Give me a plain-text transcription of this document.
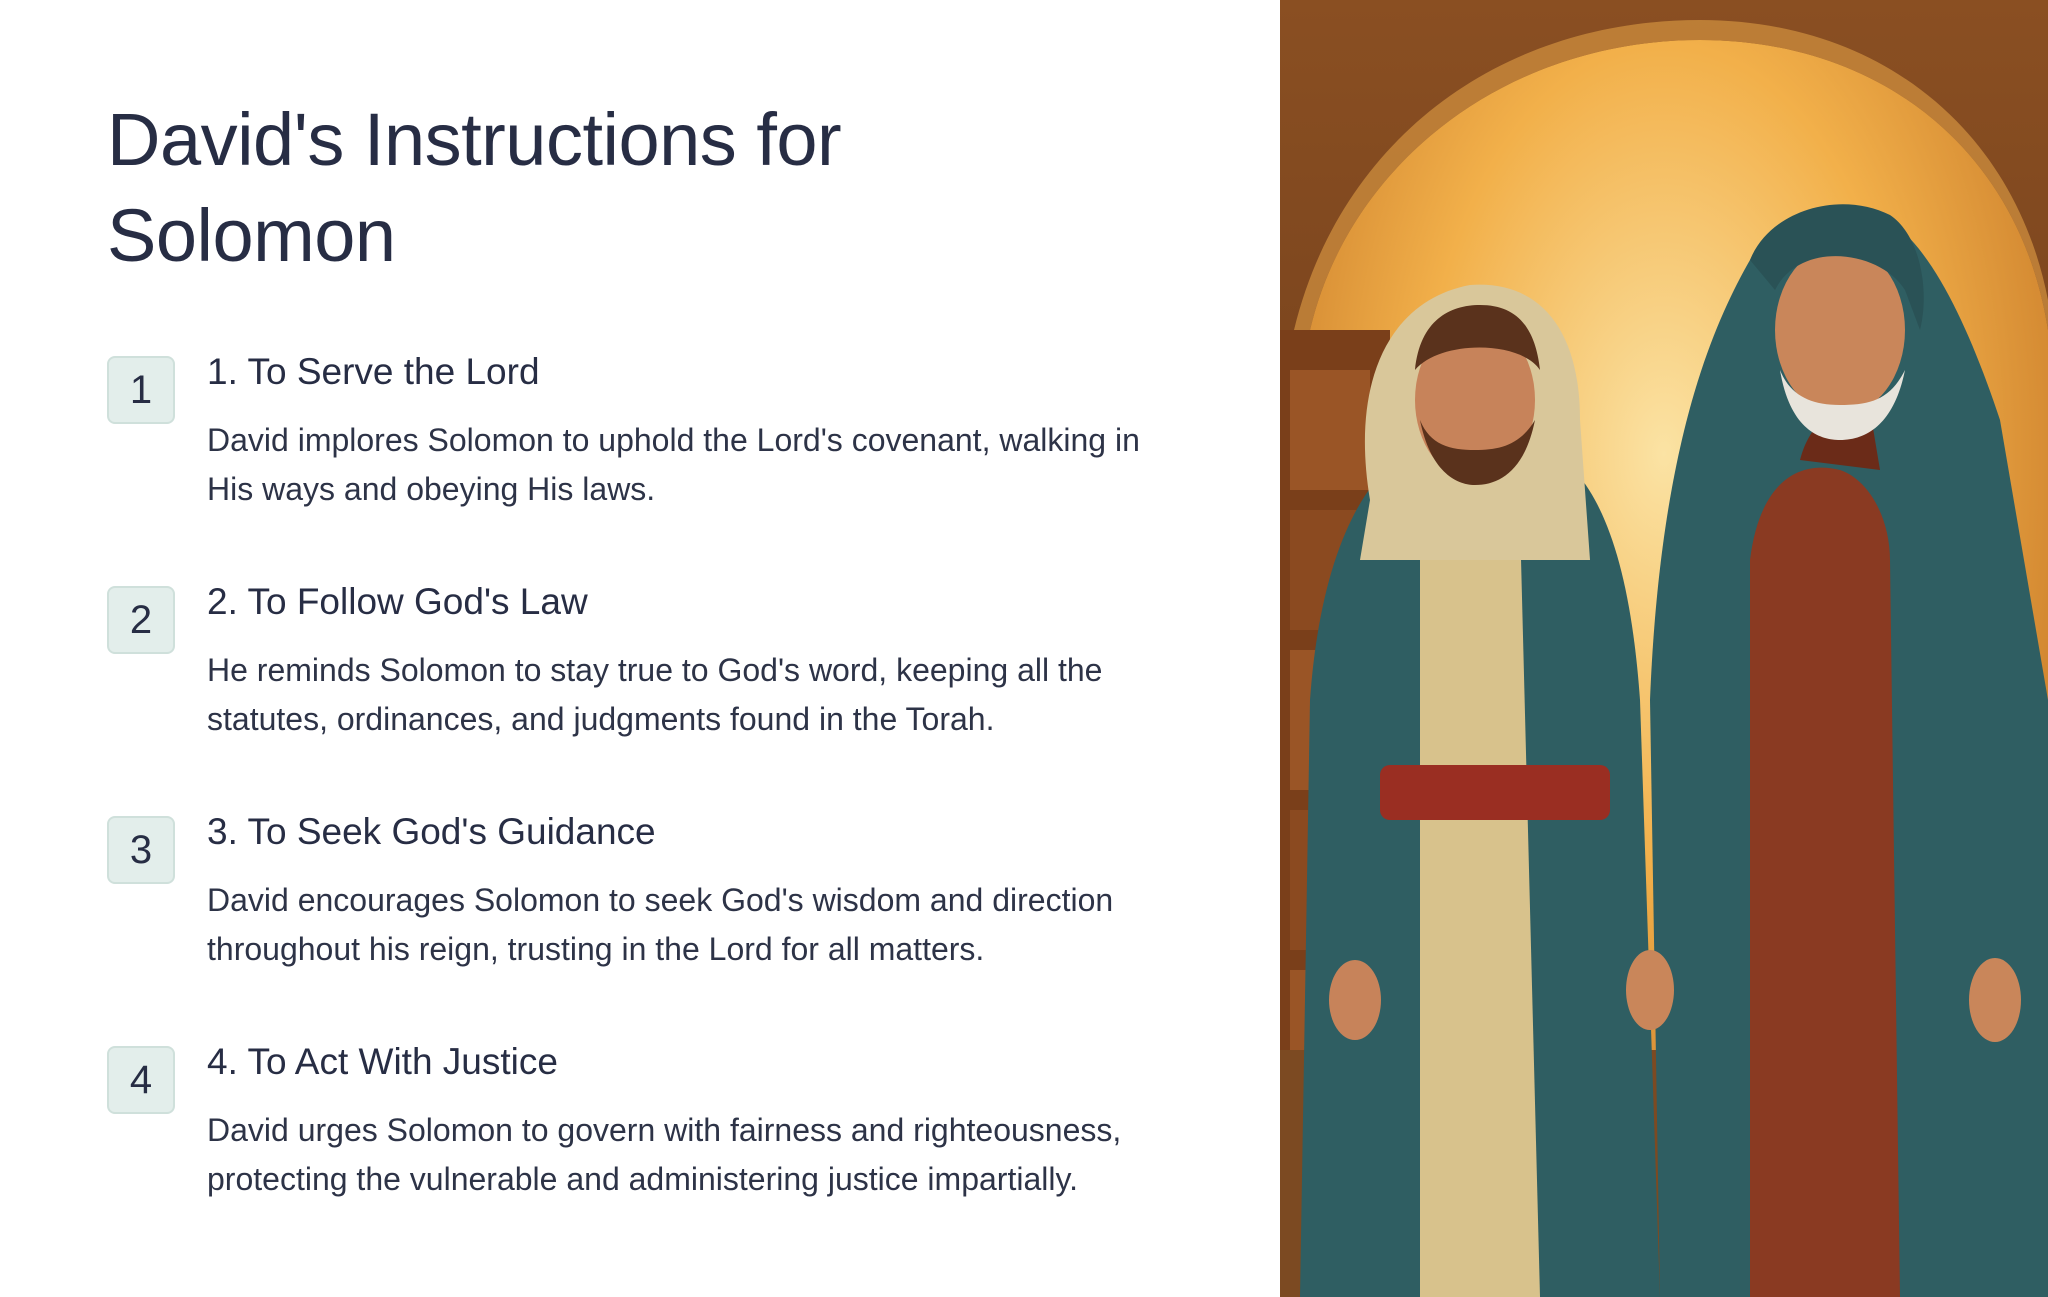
David's Instructions for Solomon
1	1. To Serve the Lord
David implores Solomon to uphold the Lord's covenant, walking in His ways and obeying His laws.
2	2. To Follow God's Law
He reminds Solomon to stay true to God's word, keeping all the statutes, ordinances, and judgments found in the Torah.
3	3. To Seek God's Guidance
David encourages Solomon to seek God's wisdom and direction throughout his reign, trusting in the Lord for all matters.
4	4. To Act With Justice
David urges Solomon to govern with fairness and righteousness, protecting the vulnerable and administering justice impartially.
